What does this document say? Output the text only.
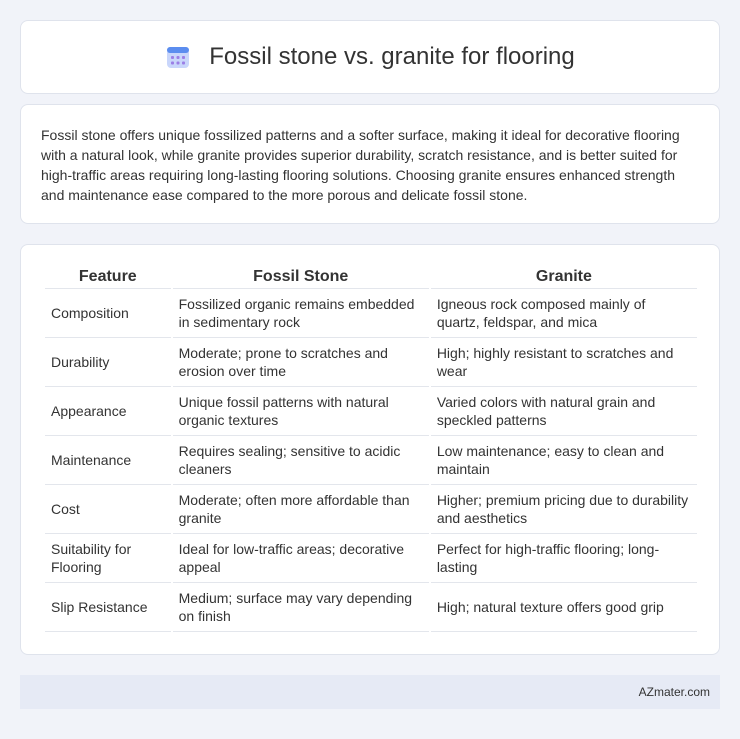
Fossil stone vs. granite for flooring

Fossil stone offers unique fossilized patterns and a softer surface, making it ideal for decorative flooring with a natural look, while granite provides superior durability, scratch resistance, and is better suited for high-traffic areas requiring long-lasting flooring solutions. Choosing granite ensures enhanced strength and maintenance ease compared to the more porous and delicate fossil stone.

Feature	Fossil Stone	Granite
Composition	Fossilized organic remains embedded in sedimentary rock	Igneous rock composed mainly of quartz, feldspar, and mica
Durability	Moderate; prone to scratches and erosion over time	High; highly resistant to scratches and wear
Appearance	Unique fossil patterns with natural organic textures	Varied colors with natural grain and speckled patterns
Maintenance	Requires sealing; sensitive to acidic cleaners	Low maintenance; easy to clean and maintain
Cost	Moderate; often more affordable than granite	Higher; premium pricing due to durability and aesthetics
Suitability for Flooring	Ideal for low-traffic areas; decorative appeal	Perfect for high-traffic flooring; long-lasting
Slip Resistance	Medium; surface may vary depending on finish	High; natural texture offers good grip
AZmater.com
